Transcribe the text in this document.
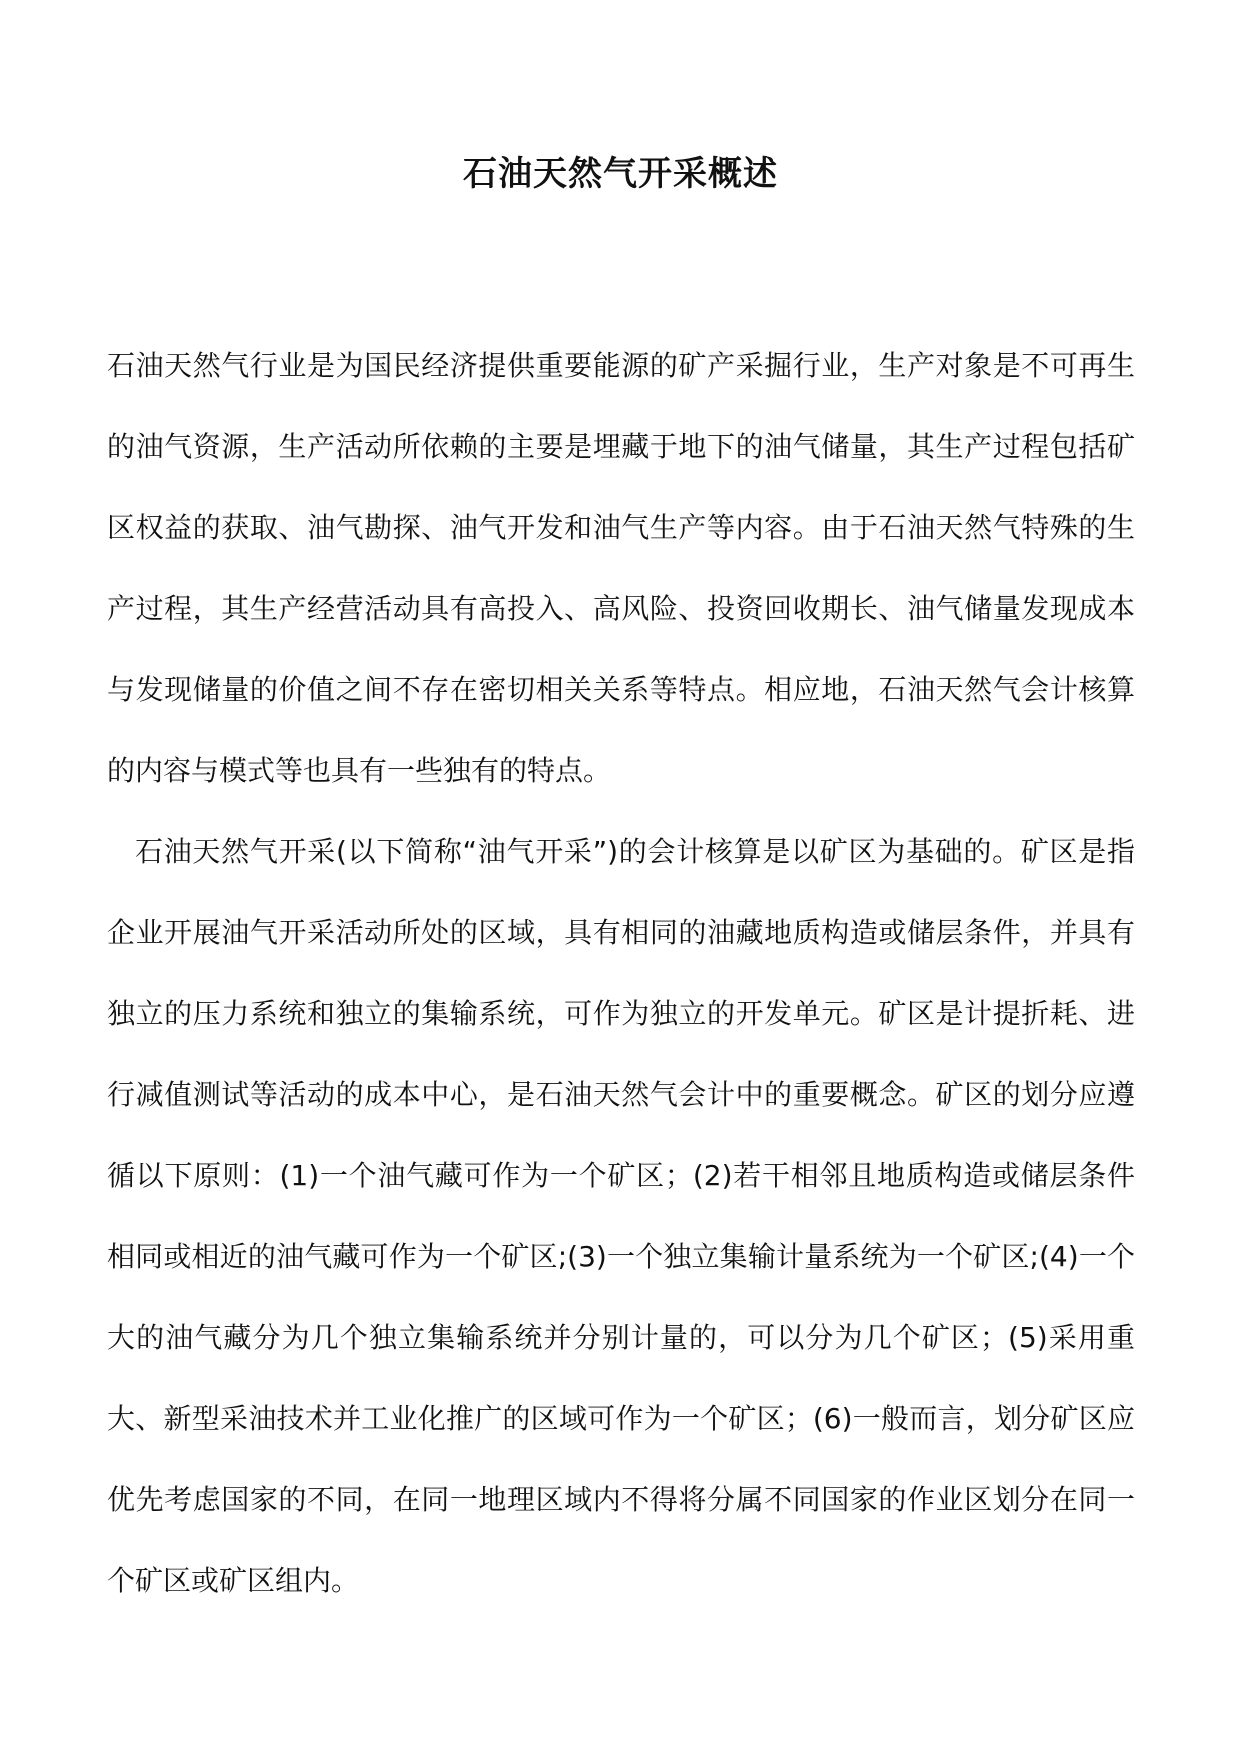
石油天然气开采概述

石油天然气行业是为国民经济提供重要能源的矿产采掘行业，生产对象是不可再生的油气资源，生产活动所依赖的主要是埋藏于地下的油气储量，其生产过程包括矿区权益的获取、油气勘探、油气开发和油气生产等内容。由于石油天然气特殊的生产过程，其生产经营活动具有高投入、高风险、投资回收期长、油气储量发现成本与发现储量的价值之间不存在密切相关关系等特点。相应地，石油天然气会计核算的内容与模式等也具有一些独有的特点。

石油天然气开采(以下简称“油气开采”)的会计核算是以矿区为基础的。矿区是指企业开展油气开采活动所处的区域，具有相同的油藏地质构造或储层条件，并具有独立的压力系统和独立的集输系统，可作为独立的开发单元。矿区是计提折耗、进行减值测试等活动的成本中心，是石油天然气会计中的重要概念。矿区的划分应遵循以下原则：(1)一个油气藏可作为一个矿区；(2)若干相邻且地质构造或储层条件相同或相近的油气藏可作为一个矿区;(3)一个独立集输计量系统为一个矿区;(4)一个大的油气藏分为几个独立集输系统并分别计量的，可以分为几个矿区；(5)采用重大、新型采油技术并工业化推广的区域可作为一个矿区；(6)一般而言，划分矿区应优先考虑国家的不同，在同一地理区域内不得将分属不同国家的作业区划分在同一个矿区或矿区组内。
